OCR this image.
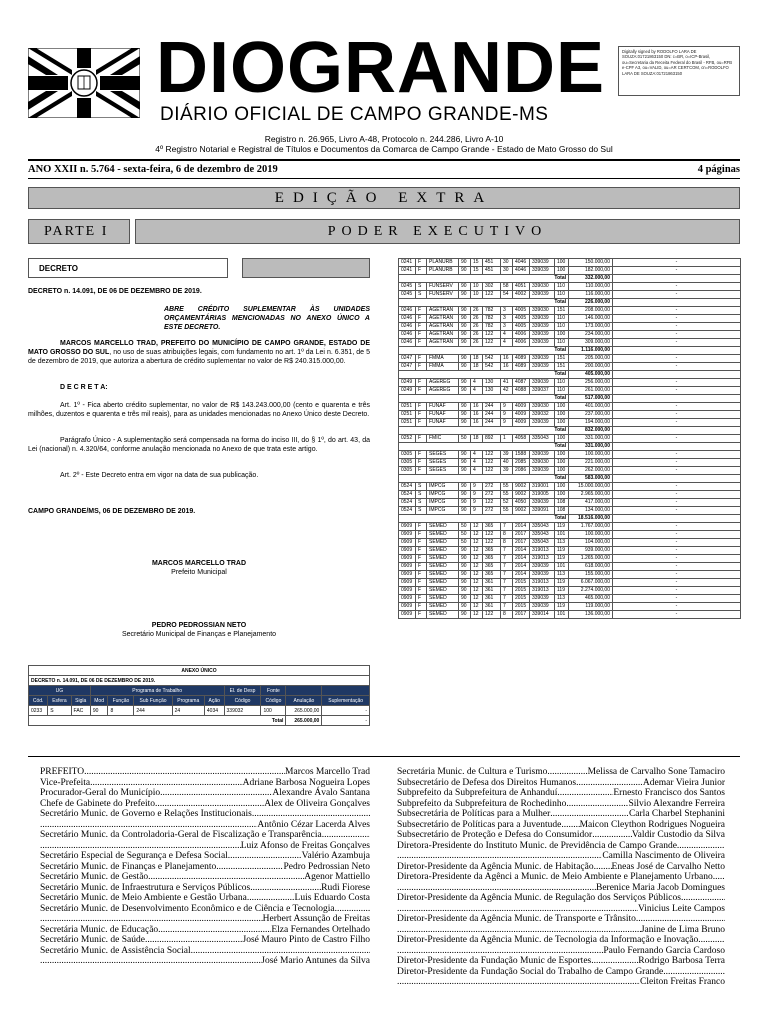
DIOGRANDE
DIÁRIO OFICIAL DE CAMPO GRANDE-MS
Digitally signed by RODOLFO LARA DE SOUZA:01721863150 DN: c=BR, o=ICP-Brasil, ou=Secretaria da Receita Federal do Brasil - RFB, ou=RFB e-CPF A3, ou=VALID, ou=AR CERTCOM, cn=RODOLFO LARA DE SOUZA:01721863150
Registro n. 26.965, Livro A-48, Protocolo n. 244.286, Livro A-10
4º Registro Notarial e Registral de Títulos e Documentos da Comarca de Campo Grande - Estado de Mato Grosso do Sul
ANO XXII n. 5.764 - sexta-feira, 6 de dezembro de 2019	4 páginas
EDIÇÃO EXTRA
PARTE I	PODER EXECUTIVO
DECRETO
DECRETO n. 14.091, DE 06 DE DEZEMBRO DE 2019.
ABRE CRÉDITO SUPLEMENTAR ÀS UNIDADES ORÇAMENTÁRIAS MENCIONADAS NO ANEXO ÚNICO A ESTE DECRETO.
MARCOS MARCELLO TRAD, PREFEITO DO MUNICÍPIO DE CAMPO GRANDE, ESTADO DE MATO GROSSO DO SUL, no uso de suas atribuições legais, com fundamento no art. 1º da Lei n. 6.351, de 5 de dezembro de 2019, que autoriza a abertura de crédito suplementar no valor de R$ 240.315.000,00.
D E C R E T A:
Art. 1º - Fica aberto crédito suplementar, no valor de R$ 143.243.000,00 (cento e quarenta e três milhões, duzentos e quarenta e três mil reais), para as unidades mencionadas no Anexo Único deste Decreto.
Parágrafo Único - A suplementação será compensada na forma do inciso III, do § 1º, do art. 43, da Lei (nacional) n. 4.320/64, conforme anulação mencionada no Anexo de que trata este artigo.
Art. 2º - Este Decreto entra em vigor na data de sua publicação.
CAMPO GRANDE/MS, 06 DE DEZEMBRO DE 2019.
MARCOS MARCELLO TRAD
Prefeito Municipal
PEDRO PEDROSSIAN NETO
Secretário Municipal de Finanças e Planejamento
ANEXO ÚNICO											
DECRETO n. 14.091, DE 06 DE DEZEMBRO DE 2019.											
UG			Programa de Trabalho					El. de Desp	Fonte		
Cód.	Esfera	Sigla	Mod	Função	Sub Função	Programa	Ação	Código	Código	Anulação	Suplementação
0233	S	FAC	90	8	244	24	4034	339032	100	265.000,00	-
Total										265.000,00	-
0241	F	PLANURB	90	15	451	30	4046	339039	100	150.000,00	-
0241	F	PLANURB	90	15	451	30	4046	339039	100	182.000,00	-
Total										332.000,00	
0245	S	FUNSERV	90	10	302	58	4051	339030	110	110.000,00	-
0245	S	FUNSERV	90	10	122	54	4002	339039	110	116.000,00	-
Total										226.000,00	
0246	F	AGETRAN	90	26	782	3	4005	339030	151	208.000,00	-
0246	F	AGETRAN	90	26	782	3	4005	339039	110	146.000,00	-
0246	F	AGETRAN	90	26	782	3	4005	339039	110	173.000,00	-
0246	F	AGETRAN	90	26	122	4	4006	339039	100	234.000,00	-
0246	F	AGETRAN	90	26	122	4	4006	339039	110	309.000,00	-
Total										1.116.000,00	
0247	F	FMMA	90	18	542	16	4089	339039	151	205.000,00	-
0247	F	FMMA	90	18	542	16	4089	339039	151	200.000,00	-
Total										405.000,00	
0249	F	AGEREG	90	4	130	41	4087	339039	110	256.000,00	-
0249	F	AGEREG	90	4	130	42	4088	339037	110	261.000,00	-
Total										517.000,00	
0251	F	FUNAF	90	16	244	9	4009	339030	100	401.000,00	-
0251	F	FUNAF	90	16	244	9	4009	339032	100	237.000,00	-
0251	F	FUNAF	90	16	244	9	4009	339039	100	194.000,00	-
Total										832.000,00	
0252	F	FMIC	50	18	892	1	4058	335043	100	331.000,00	-
Total										331.000,00	
0305	F	SEGES	90	4	122	39	1588	339039	100	100.000,00	-
0305	F	SEGES	90	4	122	40	2085	339030	100	221.000,00	-
0305	F	SEGES	90	4	122	39	2086	339039	100	262.000,00	-
Total										583.000,00	
0524	S	IMPCG	90	9	272	55	9002	319001	100	15.000.000,00	-
0524	S	IMPCG	90	9	272	55	9002	319005	100	2.965.000,00	-
0524	S	IMPCG	90	9	122	52	4050	339039	108	417.000,00	-
0524	S	IMPCG	90	9	272	55	9002	339091	108	134.000,00	-
Total										18.516.000,00	
0909	F	SEMED	50	12	365	7	2014	335043	119	1.767.000,00	-
0909	F	SEMED	50	12	122	8	2017	335043	101	100.000,00	-
0909	F	SEMED	50	12	122	8	2017	335043	113	104.000,00	-
0909	F	SEMED	90	12	365	7	2014	319013	119	939.000,00	-
0909	F	SEMED	90	12	365	7	2014	319013	119	1.265.000,00	-
0909	F	SEMED	90	12	365	7	2014	339039	101	618.000,00	-
0909	F	SEMED	90	12	365	7	2014	339039	113	155.000,00	-
0909	F	SEMED	90	12	361	7	2015	319013	119	6.067.000,00	-
0909	F	SEMED	90	12	361	7	2015	319013	119	2.274.000,00	-
0909	F	SEMED	90	12	361	7	2015	339039	113	465.000,00	-
0909	F	SEMED	90	12	361	7	2015	339039	119	119.000,00	-
0909	F	SEMED	90	12	122	8	2017	339014	101	136.000,00	-
PREFEITO .....	Marcos Marcello Trad
Vice-Prefeita .....	Adriane Barbosa Nogueira Lopes
Procurador-Geral do Município .....	Alexandre Ávalo Santana
Chefe de Gabinete do Prefeito .....	Alex de Oliveira Gonçalves
Secretário Munic. de Governo e Relações Institucionais
.....
.....
Antônio Cézar Lacerda Alves
Secretário Munic. da Controladoria-Geral de Fiscalização e Transparência
.....
.....
Luiz Afonso de Freitas Gonçalves
Secretário Especial de Segurança e Defesa Social .....	Valério Azambuja
Secretário Munic. de Finanças e Planejamento .....	Pedro Pedrossian Neto
Secretário Munic. de Gestão .....	Agenor Mattiello
Secretário Munic. de Infraestrutura e Serviços Públicos .....	Rudi Fiorese
Secretário Munic. de Meio Ambiente e Gestão Urbana .....	Luis Eduardo Costa
Secretário Munic. de Desenvolvimento Econômico e de Ciência e Tecnologia
.....
.....
Herbert Assunção de Freitas
Secretária Munic. de Educação .....	Elza Fernandes Ortelhado
Secretário Munic. de Saúde .....	José Mauro Pinto de Castro Filho
Secretário Munic. de Assistência Social
.....
.....
José Mario Antunes da Silva
Secretária Munic. de Cultura e Turismo .....	Melissa de Carvalho Sone Tamaciro
Subsecretário de Defesa dos Direitos Humanos .....	Ademar Vieira Junior
Subprefeito da Subprefeitura de Anhanduí .....	Ernesto Francisco dos Santos
Subprefeito da Subprefeitura de Rochedinho .....	Silvio Alexandre Ferreira
Subsecretária de Políticas para a Mulher .....	Carla Charbel Stephanini
Subsecretário de Políticas para a Juventude ..... Maicon Cleython Rodrigues Nogueira
Subsecretário de Proteção e Defesa do Consumidor .....	Valdir Custodio da Silva
Diretora-Presidente do Instituto Munic. de Previdência de Campo Grande
.....
.....
Camilla Nascimento de Oliveira
Diretor-Presidente da Agência Munic. de Habitação ..... Eneas José de Carvalho Netto
Diretora-Presidente da Agênci a Munic. de Meio Ambiente e Planejamento Urbano
.....
.....
Berenice Maria Jacob Domingues
Diretor-Presidente da Agência Munic. de Regulação dos Serviços Públicos
.....
.....
Vinicius Leite Campos
Diretor-Presidente da Agência Munic. de Transporte e Trânsito
.....
.....
Janine de Lima Bruno
Diretor-Presidente da Agência Munic. de Tecnologia da Informação e Inovação
.....
.....
Paulo Fernando Garcia Cardoso
Diretor-Presidente da Fundação Munic de Esportes .....	Rodrigo Barbosa Terra
Diretor-Presidente da Fundação Social do Trabalho de Campo Grande
.....
.....
Cleiton Freitas Franco
